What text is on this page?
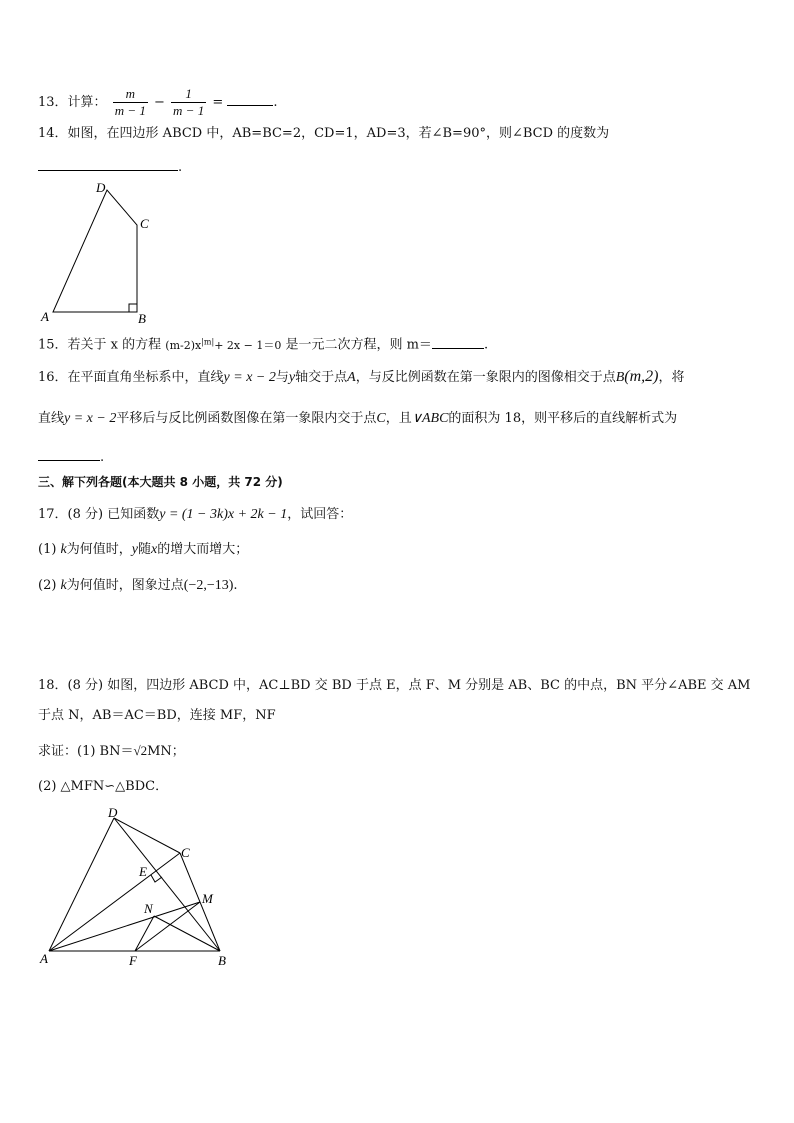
13．计算： $\frac{m}{m - 1} - \frac{1}{m - 1}$ =	.
14．如图，在四边形 ABCD 中，AB=BC=2，CD=1，AD=3，若∠B=90°，则∠BCD 的度数为
.
A	B
C
D
15．若关于 x 的方程 $(m-2)x^{|m|}+ 2x - 1=0$ 是一元二次方程，则 m＝	.
16．在平面直角坐标系中，直线y = x − 2与y轴交于点A，与反比例函数在第一象限内的图像相交于点B(m,2)，将
直线y = x − 2平移后与反比例函数图像在第一象限内交于点C，且∨ABC的面积为 18，则平移后的直线解析式为
.
三、解下列各题(本大题共 8 小题，共 72 分)
17．(8 分) 已知函数y = (1 − 3k)x + 2k − 1，试回答：
(1) k为何值时，y随x的增大而增大；
(2) k为何值时，图象过点(−2,−13).
18．(8 分) 如图，四边形 ABCD 中，AC⊥BD 交 BD 于点 E，点 F、M 分别是 AB、BC 的中点，BN 平分∠ABE 交 AM
于点 N，AB＝AC＝BD，连接 MF，NF
求证：(1) BN＝√2MN；
(2) △MFN∽△BDC．
D
C
E
M
N
A	F	B
